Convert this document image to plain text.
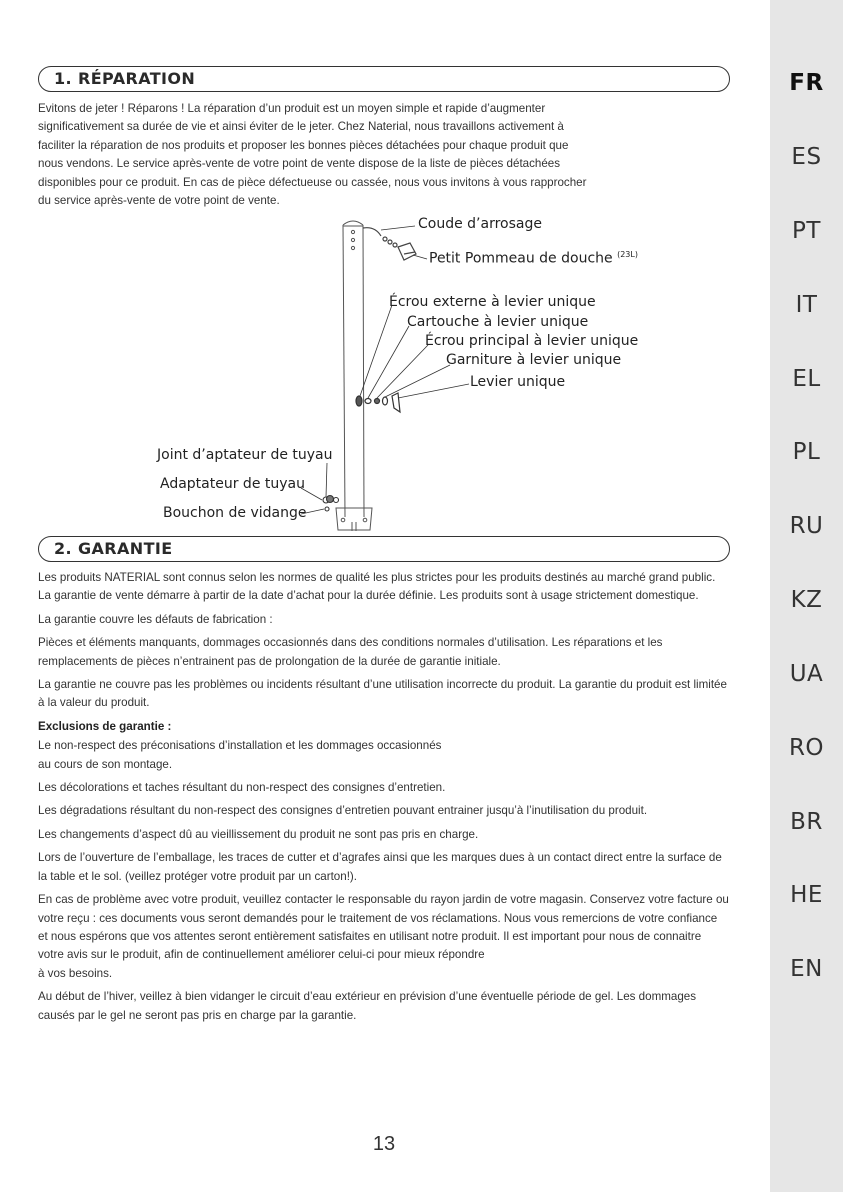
FR
ES
PT
IT
EL
PL
RU
KZ
UA
RO
BR
HE
EN
1. RÉPARATION

Evitons de jeter ! Réparons ! La réparation d’un produit est un moyen simple et rapide d’augmenter significativement sa durée de vie et ainsi éviter de le jeter. Chez Naterial, nous travaillons activement à faciliter la réparation de nos produits et proposer les bonnes pièces détachées pour chaque produit que nous vendons. Le service après-vente de votre point de vente dispose de la liste de pièces détachées disponibles pour ce produit. En cas de pièce défectueuse ou cassée, nous vous invitons à vous rapprocher du service après-vente de votre point de vente.

Coude d’arrosage
Petit Pommeau de douche $^{(23L)}$
Écrou externe à levier unique
Cartouche à levier unique
Écrou principal à levier unique
Garniture à levier unique
Levier unique
Joint d’aptateur de tuyau
Adaptateur de tuyau
Bouchon de vidange
2. GARANTIE

Les produits NATERIAL sont connus selon les normes de qualité les plus strictes pour les produits destinés au marché grand public. La garantie de vente démarre à partir de la date d’achat pour la durée définie. Les produits sont à usage strictement domestique.

La garantie couvre les défauts de fabrication :

Pièces et éléments manquants, dommages occasionnés dans des conditions normales d’utilisation. Les réparations et les remplacements de pièces n’entrainent pas de prolongation de la durée de garantie initiale.

La garantie ne couvre pas les problèmes ou incidents résultant d’une utilisation incorrecte du produit. La garantie du produit est limitée à la valeur du produit.

Exclusions de garantie :

Le non-respect des préconisations d’installation et les dommages occasionnés

au cours de son montage.

Les décolorations et taches résultant du non-respect des consignes d’entretien.

Les dégradations résultant du non-respect des consignes d’entretien pouvant entrainer jusqu’à l’inutilisation du produit.

Les changements d’aspect dû au vieillissement du produit ne sont pas pris en charge.

Lors de l’ouverture de l’emballage, les traces de cutter et d’agrafes ainsi que les marques dues à un contact direct entre la surface de la table et le sol. (veillez protéger votre produit par un carton!).

En cas de problème avec votre produit, veuillez contacter le responsable du rayon jardin de votre magasin. Conservez votre facture ou votre reçu : ces documents vous seront demandés pour le traitement de vos réclamations. Nous vous remercions de votre confiance et nous espérons que vos attentes seront entièrement satisfaites en utilisant notre produit. Il est important pour nous de connaitre votre avis sur le produit, afin de continuellement améliorer celui-ci pour mieux répondre

à vos besoins.

Au début de l’hiver, veillez à bien vidanger le circuit d’eau extérieur en prévision d’une éventuelle période de gel. Les dommages causés par le gel ne seront pas pris en charge par la garantie.

13
